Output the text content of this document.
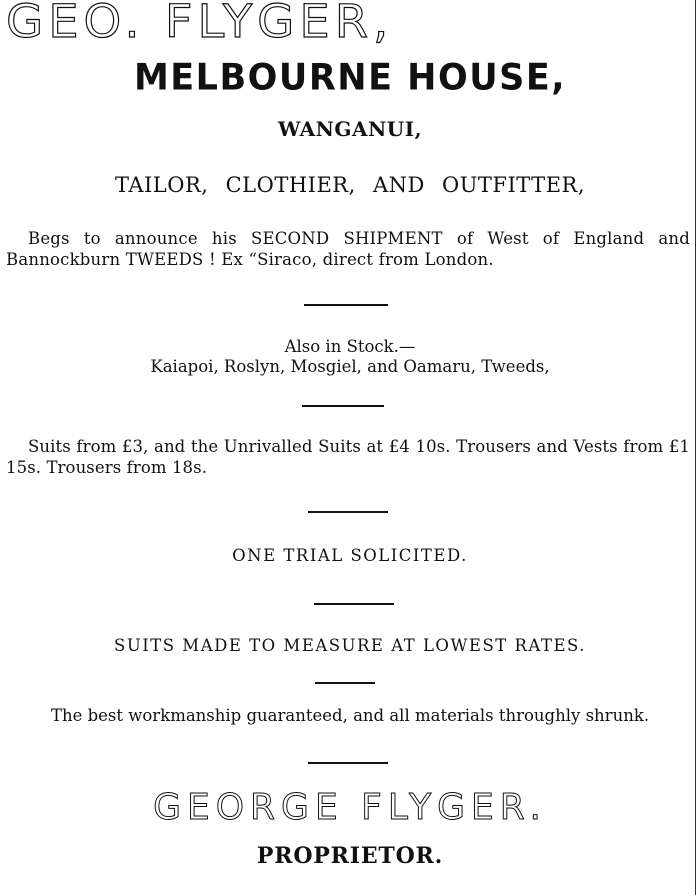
GEO. FLYGER,
MELBOURNE HOUSE,
WANGANUI,
TAILOR, CLOTHIER, AND OUTFITTER,
Begs to announce his SECOND SHIPMENT of West of England and Bannockburn TWEEDS ! Ex “Siraco, direct from London.
Also in Stock.—
Kaiapoi, Roslyn, Mosgiel, and Oamaru, Tweeds,
Suits from £3, and the Unrivalled Suits at £4 10s. Trousers and Vests from £1 15s. Trousers from 18s.
ONE TRIAL SOLICITED.
SUITS MADE TO MEASURE AT LOWEST RATES.
The best workmanship guaranteed, and all materials throughly shrunk.
GEORGE FLYGER.
PROPRIETOR.
